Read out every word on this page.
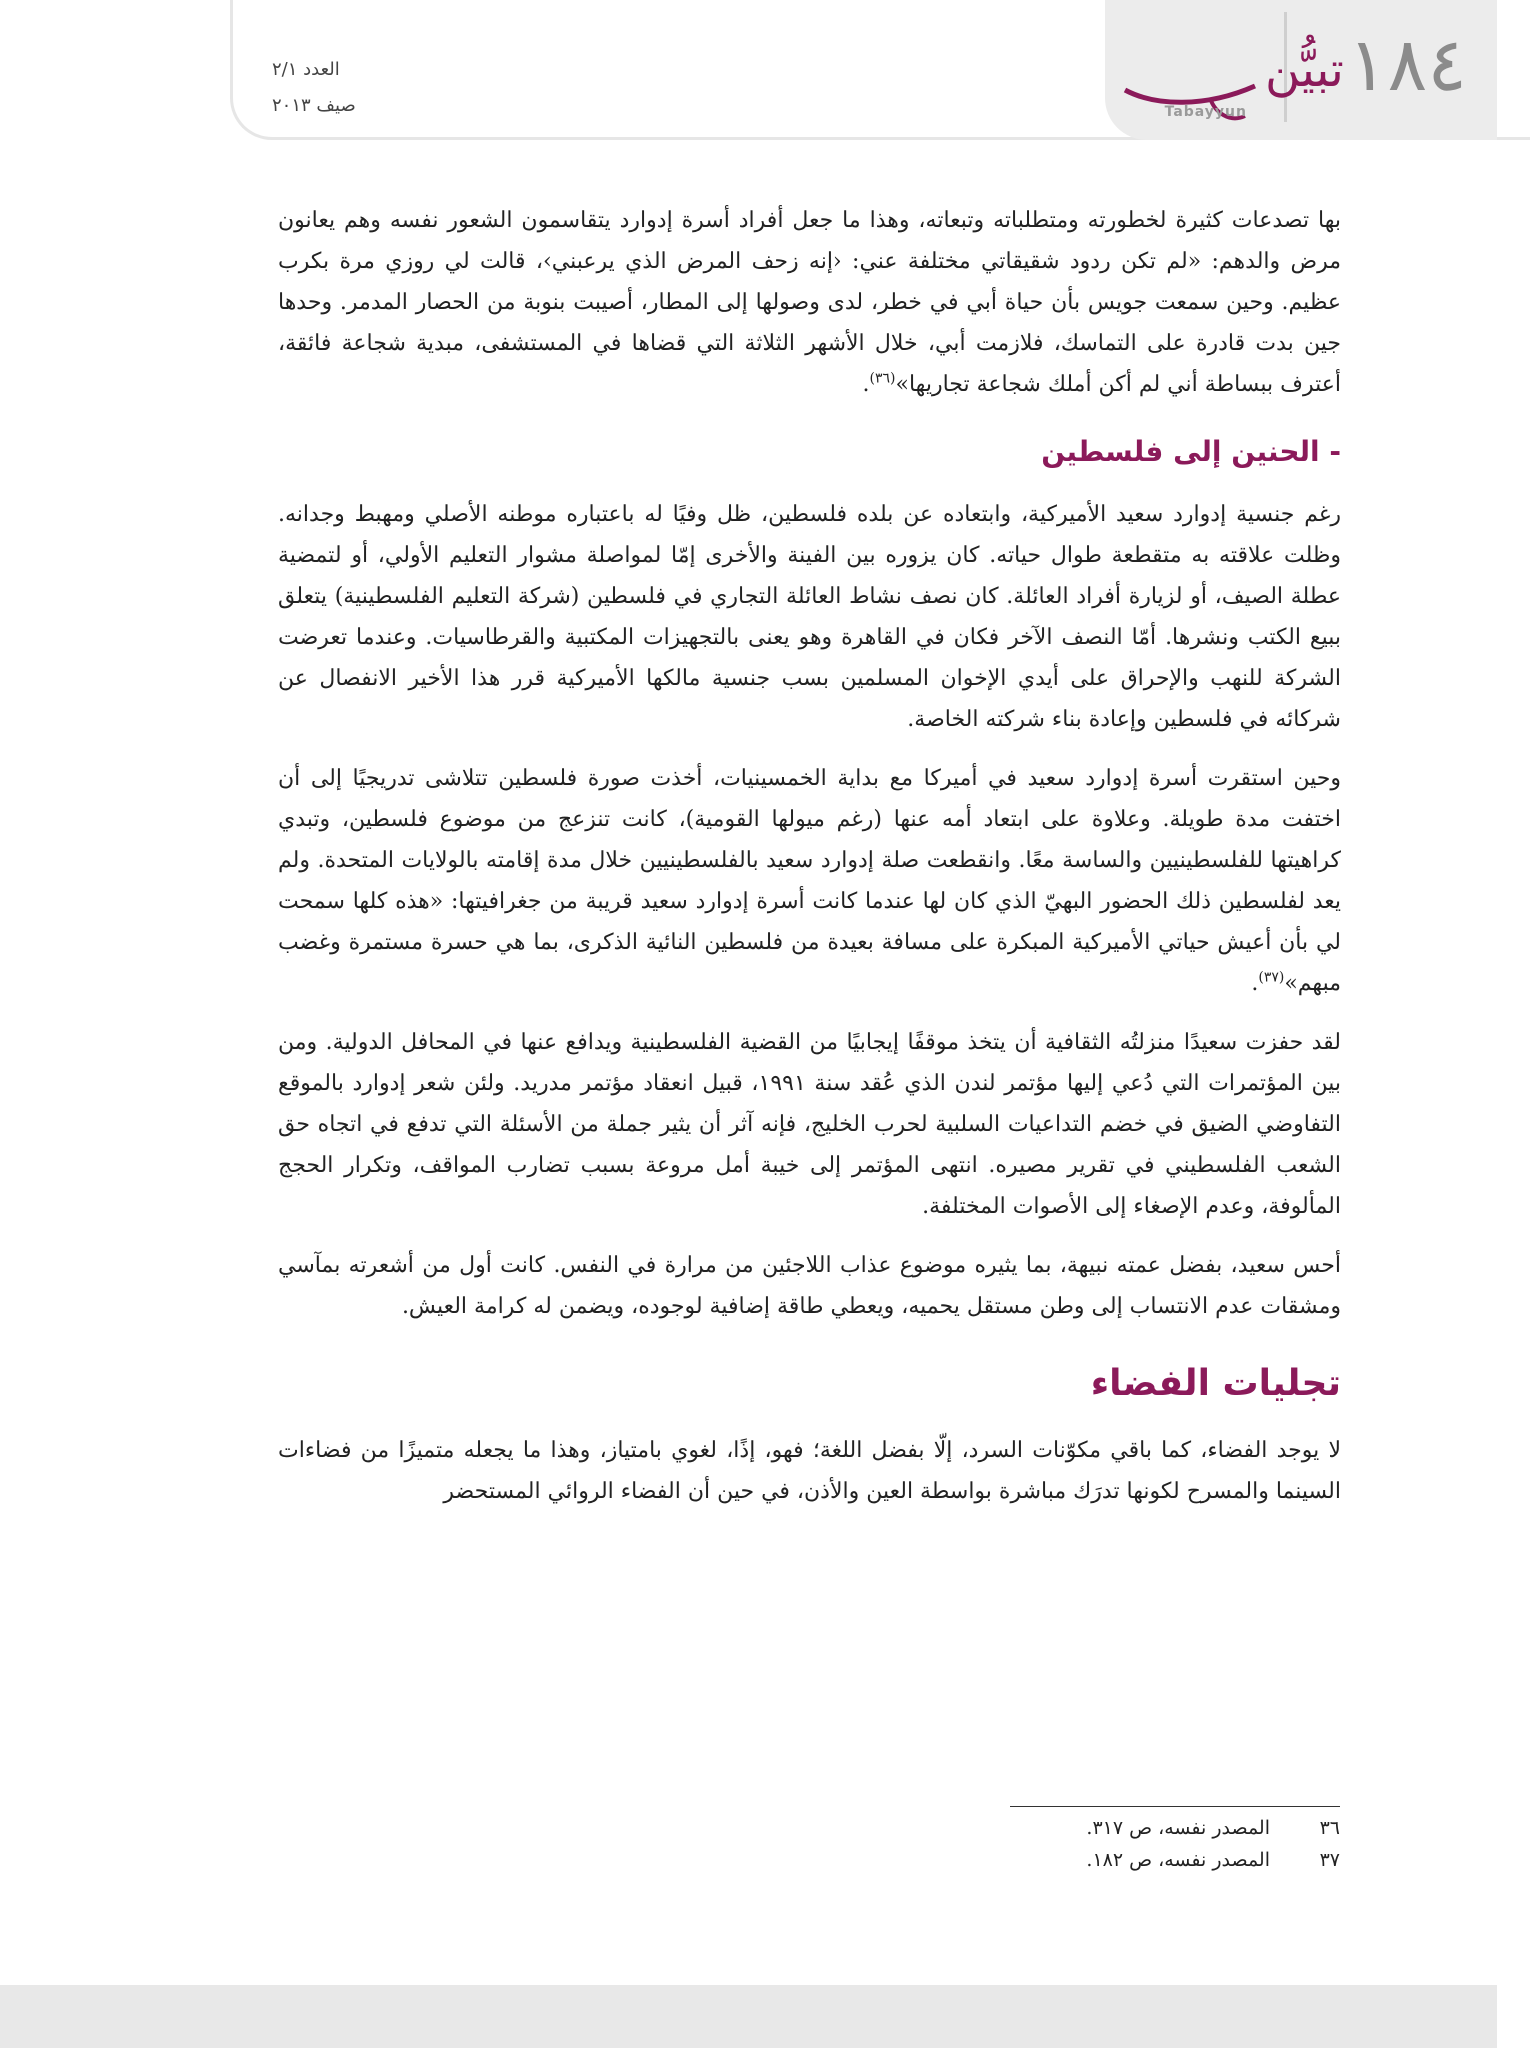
١٨٤
تبيُّن
Tabayyun
العدد ٢/١
صيف ٢٠١٣

بها تصدعات كثيرة لخطورته ومتطلباته وتبعاته، وهذا ما جعل أفراد أسرة إدوارد يتقاسمون الشعور نفسه وهم يعانون مرض والدهم: «لم تكن ردود شقيقاتي مختلفة عني: ‹إنه زحف المرض الذي يرعبني›، قالت لي روزي مرة بكرب عظيم. وحين سمعت جويس بأن حياة أبي في خطر، لدى وصولها إلى المطار، أصيبت بنوبة من الحصار المدمر. وحدها جين بدت قادرة على التماسك، فلازمت أبي، خلال الأشهر الثلاثة التي قضاها في المستشفى، مبدية شجاعة فائقة، أعترف ببساطة أني لم أكن أملك شجاعة تجاريها»$^{(٣٦)}$.

- الحنين إلى فلسطين

رغم جنسية إدوارد سعيد الأميركية، وابتعاده عن بلده فلسطين، ظل وفيًا له باعتباره موطنه الأصلي ومهبط وجدانه. وظلت علاقته به متقطعة طوال حياته. كان يزوره بين الفينة والأخرى إمّا لمواصلة مشوار التعليم الأولي، أو لتمضية عطلة الصيف، أو لزيارة أفراد العائلة. كان نصف نشاط العائلة التجاري في فلسطين (شركة التعليم الفلسطينية) يتعلق ببيع الكتب ونشرها. أمّا النصف الآخر فكان في القاهرة وهو يعنى بالتجهيزات المكتبية والقرطاسيات. وعندما تعرضت الشركة للنهب والإحراق على أيدي الإخوان المسلمين بسب جنسية مالكها الأميركية قرر هذا الأخير الانفصال عن شركائه في فلسطين وإعادة بناء شركته الخاصة.

وحين استقرت أسرة إدوارد سعيد في أميركا مع بداية الخمسينيات، أخذت صورة فلسطين تتلاشى تدريجيًا إلى أن اختفت مدة طويلة. وعلاوة على ابتعاد أمه عنها (رغم ميولها القومية)، كانت تنزعج من موضوع فلسطين، وتبدي كراهيتها للفلسطينيين والساسة معًا. وانقطعت صلة إدوارد سعيد بالفلسطينيين خلال مدة إقامته بالولايات المتحدة. ولم يعد لفلسطين ذلك الحضور البهيّ الذي كان لها عندما كانت أسرة إدوارد سعيد قريبة من جغرافيتها: «هذه كلها سمحت لي بأن أعيش حياتي الأميركية المبكرة على مسافة بعيدة من فلسطين النائية الذكرى، بما هي حسرة مستمرة وغضب مبهم»$^{(٣٧)}$.

لقد حفزت سعيدًا منزلتُه الثقافية أن يتخذ موقفًا إيجابيًا من القضية الفلسطينية ويدافع عنها في المحافل الدولية. ومن بين المؤتمرات التي دُعي إليها مؤتمر لندن الذي عُقد سنة ١٩٩١، قبيل انعقاد مؤتمر مدريد. ولئن شعر إدوارد بالموقع التفاوضي الضيق في خضم التداعيات السلبية لحرب الخليج، فإنه آثر أن يثير جملة من الأسئلة التي تدفع في اتجاه حق الشعب الفلسطيني في تقرير مصيره. انتهى المؤتمر إلى خيبة أمل مروعة بسبب تضارب المواقف، وتكرار الحجج المألوفة، وعدم الإصغاء إلى الأصوات المختلفة.

أحس سعيد، بفضل عمته نبيهة، بما يثيره موضوع عذاب اللاجئين من مرارة في النفس. كانت أول من أشعرته بمآسي ومشقات عدم الانتساب إلى وطن مستقل يحميه، ويعطي طاقة إضافية لوجوده، ويضمن له كرامة العيش.

تجليات الفضاء

لا يوجد الفضاء، كما باقي مكوّنات السرد، إلّا بفضل اللغة؛ فهو، إذًا، لغوي بامتياز، وهذا ما يجعله متميزًا من فضاءات السينما والمسرح لكونها تدرَك مباشرة بواسطة العين والأذن، في حين أن الفضاء الروائي المستحضر

٣٦
المصدر نفسه، ص ٣١٧.
٣٧
المصدر نفسه، ص ١٨٢.
